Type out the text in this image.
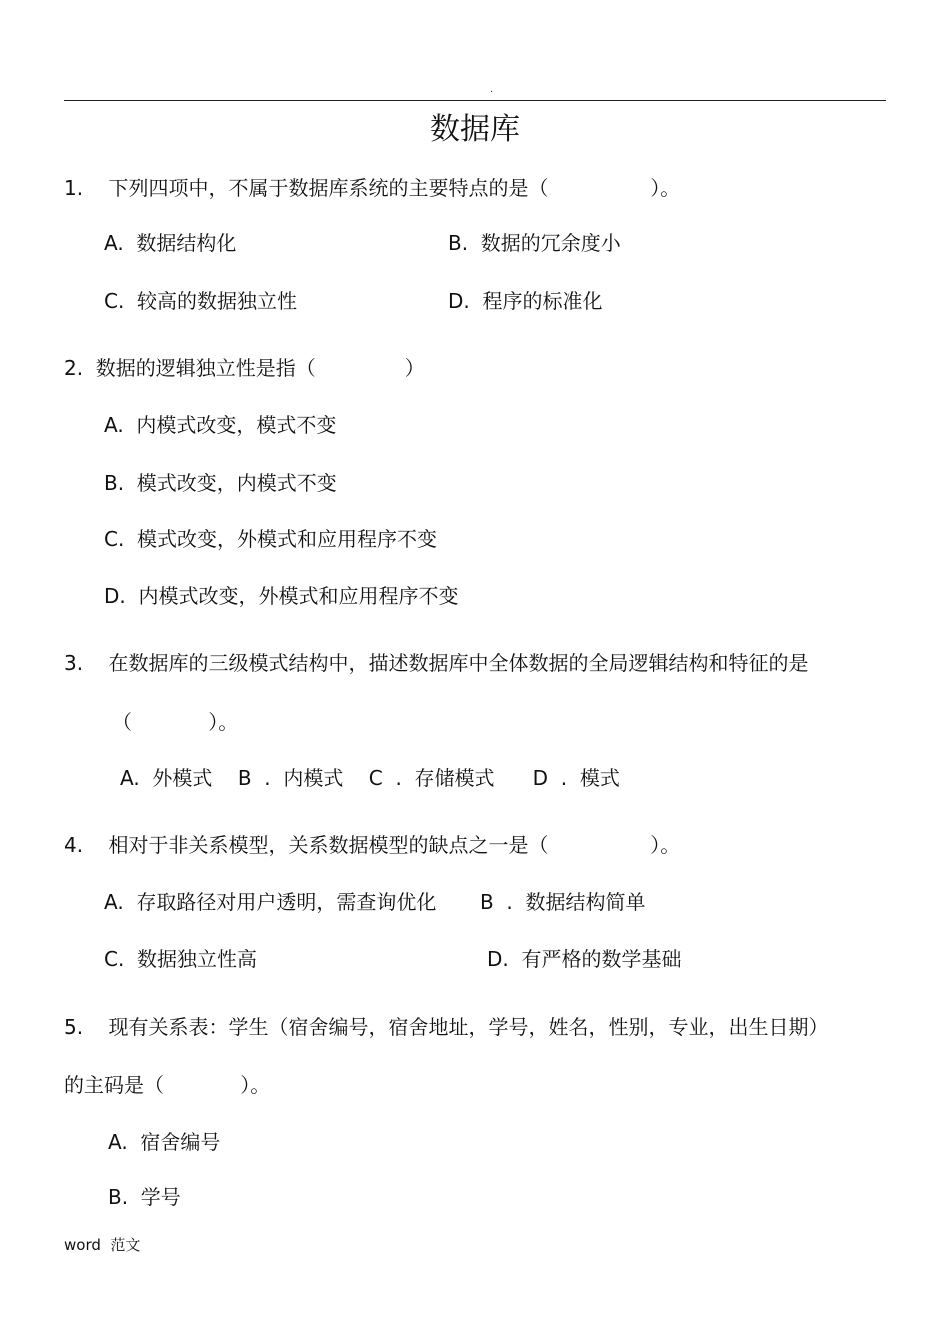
.
数据库
1.    下列四项中，不属于数据库系统的主要特点的是（                ）。
A.  数据结构化	B.  数据的冗余度小
C.  较高的数据独立性	D.  程序的标准化
2.  数据的逻辑独立性是指（              ）
A.  内模式改变，模式不变
B.  模式改变，内模式不变
C.  模式改变，外模式和应用程序不变
D.  内模式改变，外模式和应用程序不变
3.    在数据库的三级模式结构中，描述数据库中全体数据的全局逻辑结构和特征的是
（            ）。
A.  外模式    B  .  内模式    C  .  存储模式      D  .  模式
4.    相对于非关系模型，关系数据模型的缺点之一是（                ）。
A.  存取路径对用户透明，需查询优化 B  .  数据结构简单
C.  数据独立性高	D.  有严格的数学基础
5.    现有关系表：学生（宿舍编号，宿舍地址，学号，姓名，性别，专业，出生日期）
的主码是（            ）。
A.  宿舍编号
B.  学号
word  范文
